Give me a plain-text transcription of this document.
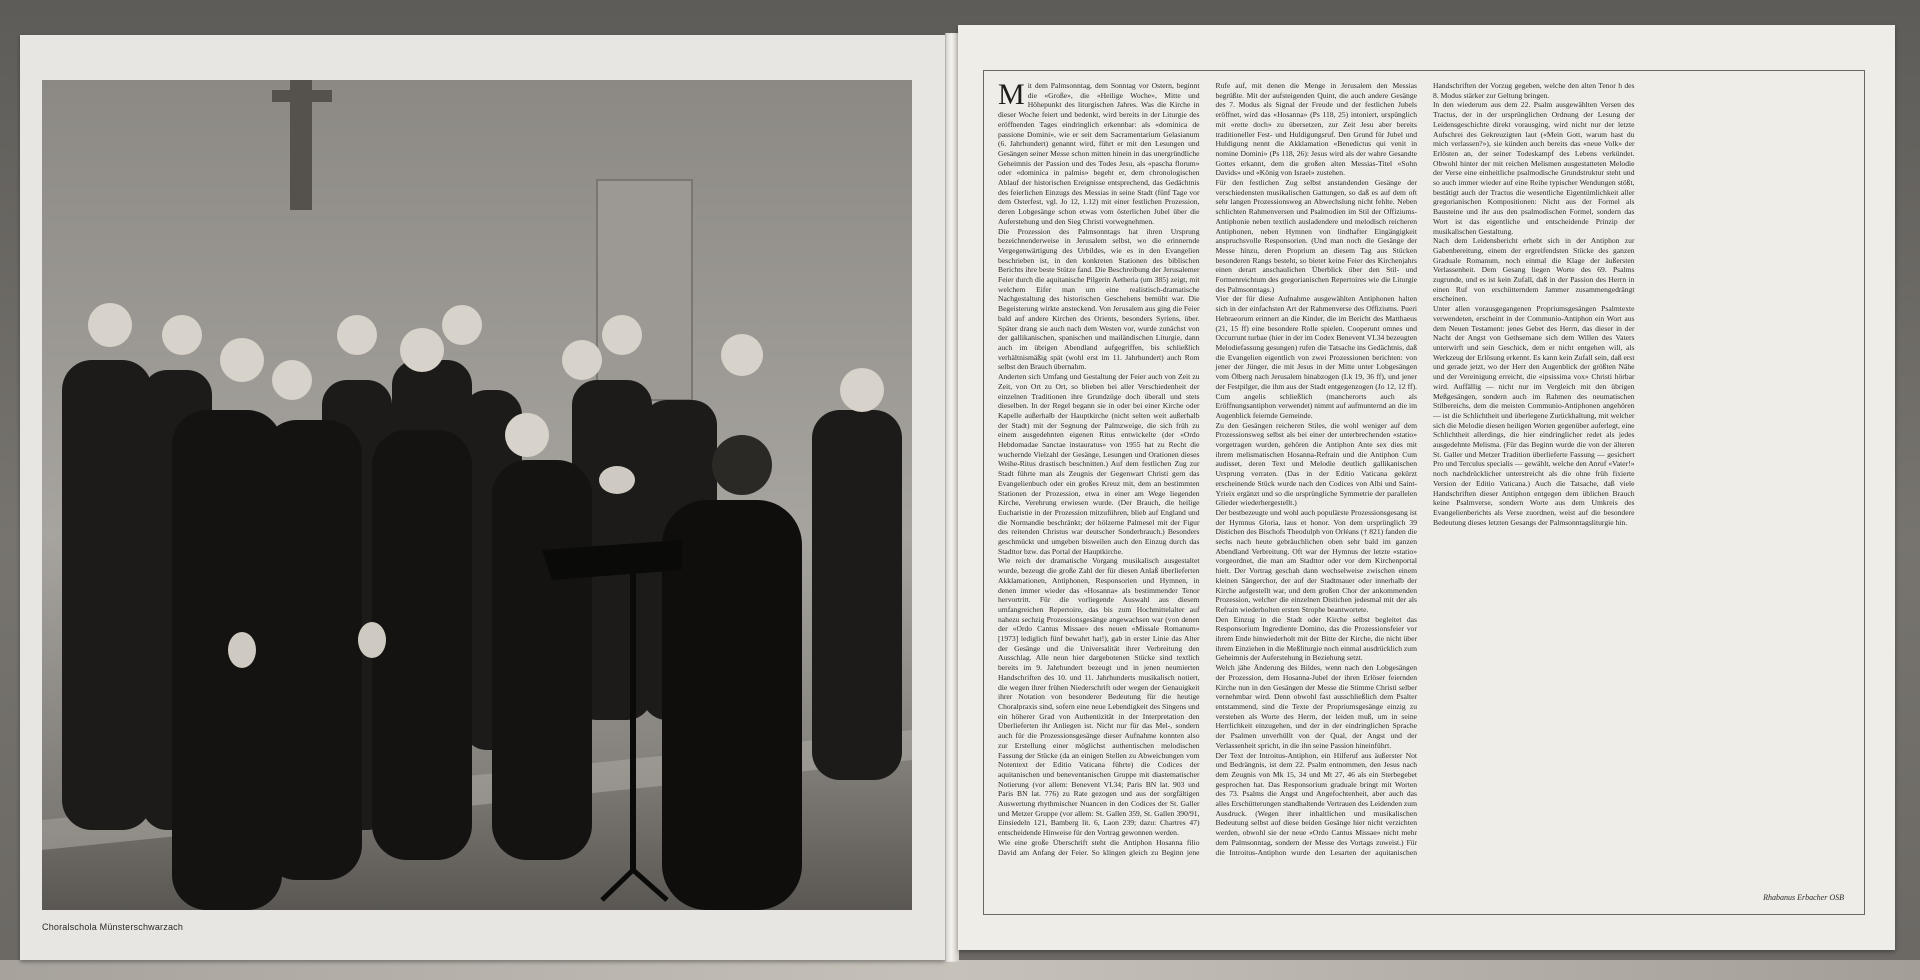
Choralschola Münsterschwarzach

Mit dem Palmsonntag, dem Sonntag vor Ostern, beginnt die «Große», die «Heilige Woche», Mitte und Höhepunkt des liturgischen Jahres. Was die Kirche in dieser Woche feiert und bedenkt, wird bereits in der Liturgie des eröffnenden Tages eindringlich erkennbar: als «dominica de passione Domini», wie er seit dem Sacramentarium Gelasianum (6. Jahrhundert) genannt wird, führt er mit den Lesungen und Gesängen seiner Messe schon mitten hinein in das unergründliche Geheimnis der Passion und des Todes Jesu, als «pascha florum» oder «dominica in palmis» begeht er, dem chronologischen Ablauf der historischen Ereignisse entsprechend, das Gedächtnis des feierlichen Einzugs des Messias in seine Stadt (fünf Tage vor dem Osterfest, vgl. Jo 12, 1.12) mit einer festlichen Prozession, deren Lobgesänge schon etwas vom österlichen Jubel über die Auferstehung und den Sieg Christi vorwegnehmen.

Die Prozession des Palmsonntags hat ihren Ursprung bezeichnenderweise in Jerusalem selbst, wo die erinnernde Vergegenwärtigung des Urbildes, wie es in den Evangelien beschrieben ist, in den konkreten Stationen des biblischen Berichts ihre beste Stütze fand. Die Beschreibung der Jerusalemer Feier durch die aquitanische Pilgerin Aetheria (um 385) zeigt, mit welchem Eifer man um eine realistisch-dramatische Nachgestaltung des historischen Geschehens bemüht war. Die Begeisterung wirkte ansteckend. Von Jerusalem aus ging die Feier bald auf andere Kirchen des Orients, besonders Syriens, über. Später drang sie auch nach dem Westen vor, wurde zunächst von der gallikanischen, spanischen und mailändischen Liturgie, dann auch im übrigen Abendland aufgegriffen, bis schließlich verhältnismäßig spät (wohl erst im 11. Jahrhundert) auch Rom selbst den Brauch übernahm.

Anderten sich Umfang und Gestaltung der Feier auch von Zeit zu Zeit, von Ort zu Ort, so blieben bei aller Verschiedenheit der einzelnen Traditionen ihre Grundzüge doch überall und stets dieselben. In der Regel begann sie in oder bei einer Kirche oder Kapelle außerhalb der Hauptkirche (nicht selten weit außerhalb der Stadt) mit der Segnung der Palmzweige, die sich früh zu einem ausgedehnten eigenen Ritus entwickelte (der «Ordo Hebdomadae Sanctae instauratus» von 1955 hat zu Recht die wuchernde Vielzahl der Gesänge, Lesungen und Orationen dieses Weihe-Ritus drastisch beschnitten.) Auf dem festlichen Zug zur Stadt führte man als Zeugnis der Gegenwart Christi gern das Evangelienbuch oder ein großes Kreuz mit, dem an bestimmten Stationen der Prozession, etwa in einer am Wege liegenden Kirche, Verehrung erwiesen wurde. (Der Brauch, die heilige Eucharistie in der Prozession mitzuführen, blieb auf England und die Normandie beschränkt; der hölzerne Palmesel mit der Figur des reitenden Christus war deutscher Sonderbrauch.) Besonders geschmückt und umgeben bisweilen auch den Einzug durch das Stadttor bzw. das Portal der Hauptkirche.

Wie reich der dramatische Vorgang musikalisch ausgestaltet wurde, bezeugt die große Zahl der für diesen Anlaß überlieferten Akklamationen, Antiphonen, Responsorien und Hymnen, in denen immer wieder das «Hosanna» als bestimmender Tenor hervortritt. Für die vorliegende Auswahl aus diesem umfangreichen Repertoire, das bis zum Hochmittelalter auf nahezu sechzig Prozessionsgesänge angewachsen war (von denen der «Ordo Cantus Missae» des neuen «Missale Romanum» [1973] lediglich fünf bewahrt hat!), gab in erster Linie das Alter der Gesänge und die Universalität ihrer Verbreitung den Ausschlag. Alle neun hier dargebotenen Stücke sind textlich bereits im 9. Jahrhundert bezeugt und in jenen neumierten Handschriften des 10. und 11. Jahrhunderts musikalisch notiert, die wegen ihrer frühen Niederschrift oder wegen der Genauigkeit ihrer Notation von besonderer Bedeutung für die heutige Choralpraxis sind, sofern eine neue Lebendigkeit des Singens und ein höherer Grad von Authentizität in der Interpretation den Überlieferten ihr Anliegen ist. Nicht nur für das Mel-, sondern auch für die Prozessionsgesänge dieser Aufnahme konnten also zur Erstellung einer möglichst authentischen melodischen Fassung der Stücke (da an einigen Stellen zu Abweichungen vom Notentext der Editio Vaticana führte) die Codices der aquitanischen und beneventanischen Gruppe mit diastematischer Notierung (vor allem: Benevent VI.34; Paris BN lat. 903 und Paris BN lat. 776) zu Rate gezogen und aus der sorgfältigen Auswertung rhythmischer Nuancen in den Codices der St. Galler und Metzer Gruppe (vor allem: St. Gallen 359, St. Gallen 390/91, Einsiedeln 121, Bamberg lit. 6, Laon 239; dazu: Chartres 47) entscheidende Hinweise für den Vortrag gewonnen werden.

Wie eine große Überschrift steht die Antiphon Hosanna filio David am Anfang der Feier. So klingen gleich zu Beginn jene Rufe auf, mit denen die Menge in Jerusalem den Messias begrüßte. Mit der aufsteigenden Quint, die auch andere Gesänge des 7. Modus als Signal der Freude und der festlichen Jubels eröffnet, wird das «Hosanna» (Ps 118, 25) intoniert, urspünglich mit «rette doch» zu übersetzen, zur Zeit Jesu aber bereits traditioneller Fest- und Huldigungsruf. Den Grund für Jubel und Huldigung nennt die Akklamation «Benedictus qui venit in nomine Domini» (Ps 118, 26): Jesus wird als der wahre Gesandte Gottes erkannt, dem die großen alten Messias-Titel «Sohn Davids» und «König von Israel» zustehen.

Für den festlichen Zug selbst anstandenden Gesänge der verschiedensten musikalischen Gattungen, so daß es auf dem oft sehr langen Prozessionsweg an Abwechslung nicht fehlte. Neben schlichten Rahmenversen und Psalmodien im Stil der Offiziums-Antiphonie neben textlich ausladendere und melodisch reicheren Antiphonen, neben Hymnen von lindhafter Eingängigkeit anspruchsvolle Responsorien. (Und man noch die Gesänge der Messe hinzu, deren Proprium an diesem Tag aus Stücken besonderen Rangs besteht, so bietet keine Feier des Kirchenjahrs einen derart anschaulichen Überblick über den Stil- und Formenreichtum des gregorianischen Repertoires wie die Liturgie des Palmsonntags.)

Vier der für diese Aufnahme ausgewählten Antiphonen halten sich in der einfachsten Art der Rahmenverse des Offiziums. Pueri Hebraeorum erinnert an die Kinder, die im Bericht des Matthaeus (21, 15 ff) eine besondere Rolle spielen. Cooperunt omnes und Occurrunt turbae (hier in der im Codex Benevent VI.34 bezeugten Melodiefassung gesungen) rufen die Tatsache ins Gedächtnis, daß die Evangelien eigentlich von zwei Prozessionen berichten: von jener der Jünger, die mit Jesus in der Mitte unter Lobgesängen vom Ölberg nach Jerusalem hinabzogen (Lk 19, 36 ff), und jener der Festpilger, die ihm aus der Stadt entgegenzogen (Jo 12, 12 ff). Cum angelis schließlich (mancherorts auch als Eröffnungsantiphon verwendet) nimmt auf aufmunternd an die im Augenblick feiernde Gemeinde.

Zu den Gesängen reicheren Stiles, die wohl weniger auf dem Prozessionsweg selbst als bei einer der unterbrechenden «statio» vorgetragen wurden, gehören die Antiphon Ante sex dies mit ihrem melismatischen Hosanna-Refrain und die Antiphon Cum audisset, deren Text und Melodie deutlich gallikanischen Ursprung verraten. (Das in der Editio Vaticana gekürzt erscheinende Stück wurde nach den Codices von Albi und Saint-Yrieix ergänzt und so die ursprüngliche Symmetrie der parallelen Glieder wiederhergestellt.)

Der bestbezeugte und wohl auch populärste Prozessionsgesang ist der Hymnus Gloria, laus et honor. Von dem ursprünglich 39 Distichen des Bischofs Theodulph von Orléans († 821) fanden die sechs nach heute gebräuchlichen oben sehr bald im ganzen Abendland Verbreitung. Oft war der Hymnus der letzte «statio» vorgeordnet, die man am Stadttor oder vor dem Kirchenportal hielt. Der Vortrag geschah dann wechselweise zwischen einem kleinen Sängerchor, der auf der Stadtmauer oder innerhalb der Kirche aufgestellt war, und dem großen Chor der ankommenden Prozession, welcher die einzelnen Distichen jedesmal mit der als Refrain wiederholten ersten Strophe beantwortete.

Den Einzug in die Stadt oder Kirche selbst begleitet das Responsorium Ingrediente Domino, das die Prozessionsfeier vor ihrem Ende hinwiederholt mit der Bitte der Kirche, die nicht über ihrem Einziehen in die Meßliturgie noch einmal ausdrücklich zum Geheimnis der Auferstehung in Beziehung setzt.

Welch jähe Änderung des Bildes, wenn nach den Lobgesängen der Prozession, dem Hosanna-Jubel der ihren Erlöser feiernden Kirche nun in den Gesängen der Messe die Stimme Christi selber vernehmbar wird. Denn obwohl fast ausschließlich dem Psalter entstammend, sind die Texte der Propriumsgesänge einzig zu verstehen als Worte des Herrn, der leiden muß, um in seine Herrlichkeit einzugehen, und der in der eindringlichen Sprache der Psalmen unverhüllt von der Qual, der Angst und der Verlassenheit spricht, in die ihn seine Passion hineinführt.

Der Text der Introitus-Antiphon, ein Hilferuf aus äußerster Not und Bedrängnis, ist dem 22. Psalm entnommen, den Jesus nach dem Zeugnis von Mk 15, 34 und Mt 27, 46 als ein Sterbegebet gesprochen hat. Das Responsorium graduale bringt mit Worten des 73. Psalms die Angst und Angefochtenheit, aber auch das alles Erschütterungen standhaltende Vertrauen des Leidenden zum Ausdruck. (Wegen ihrer inhaltlichen und musikalischen Bedeutung selbst auf diese beiden Gesänge hier nicht verzichten werden, obwohl sie der neue «Ordo Cantus Missae» nicht mehr dem Palmsonntag, sondern der Messe des Vortags zuweist.) Für die Introitus-Antiphon wurde den Lesarten der aquitanischen Handschriften der Vorzug gegeben, welche den alten Tenor h des 8. Modus stärker zur Geltung bringen.

In den wiederum aus dem 22. Psalm ausgewählten Versen des Tractus, der in der ursprünglichen Ordnung der Lesung der Leidensgeschichte direkt vorausging, wird nicht nur der letzte Aufschrei des Gekreuzigten laut («Mein Gott, warum hast du mich verlassen?»), sie künden auch bereits das «neue Volk» der Erlösten an, der seiner Todeskampf des Lebens verkündet. Obwohl hinter der mit reichen Melismen ausgestatteten Melodie der Verse eine einheitliche psalmodische Grundstruktur steht und so auch immer wieder auf eine Reihe typischer Wendungen stößt, bestätigt auch der Tractus die wesentliche Eigentümlichkeit aller gregorianischen Kompositionen: Nicht aus der Formel als Bausteine und ihr aus den psalmodischen Formel, sondern das Wort ist das eigentliche und entscheidende Prinzip der musikalischen Gestaltung.

Nach dem Leidensbericht erhebt sich in der Antiphon zur Gabenbereitung, einem der ergreifendsten Stücke des ganzen Graduale Romanum, noch einmal die Klage der äußersten Verlassenheit. Dem Gesang liegen Worte des 69. Psalms zugrunde, und es ist kein Zufall, daß in der Passion des Herrn in einen Ruf von erschütterndem Jammer zusammengedrängt erscheinen.

Unter allen vorausgegangenen Propriumsgesängen Psalmtexte verwendeten, erscheint in der Communio-Antiphon ein Wort aus dem Neuen Testament: jenes Gebet des Herrn, das dieser in der Nacht der Angst von Gethsemane sich dem Willen des Vaters unterwirft und sein Geschick, dem er nicht entgehen will, als Werkzeug der Erlösung erkennt. Es kann kein Zufall sein, daß erst und gerade jetzt, wo der Herr den Augenblick der größten Nähe und der Vereinigung erreicht, die «ipsissima vox» Christi hörbar wird. Auffällig — nicht nur im Vergleich mit den übrigen Meßgesängen, sondern auch im Rahmen des neumatischen Stilbereichs, dem die meisten Communio-Antiphonen angehören — ist die Schlichtheit und überlegene Zurückhaltung, mit welcher sich die Melodie diesen heiligen Worten gegenüber auferlegt, eine Schlichtheit allerdings, die hier eindringlicher redet als jedes ausgedehnte Melisma. (Für das Beginn wurde die von der älteren St. Galler und Metzer Tradition überlieferte Fassung — gesichert Pro und Terculus specialis — gewählt, welche den Anruf «Vater!» noch nachdrücklicher unterstreicht als die ohne früh fixierte Version der Editio Vaticana.) Auch die Tatsache, daß viele Handschriften dieser Antiphon entgegen dem üblichen Brauch keine Psalmverse, sondern Worte aus dem Umkreis des Evangelienberichts als Verse zuordnen, weist auf die besondere Bedeutung dieses letzten Gesangs der Palmsonntagsliturgie hin.

Rhabanus Erbacher OSB
